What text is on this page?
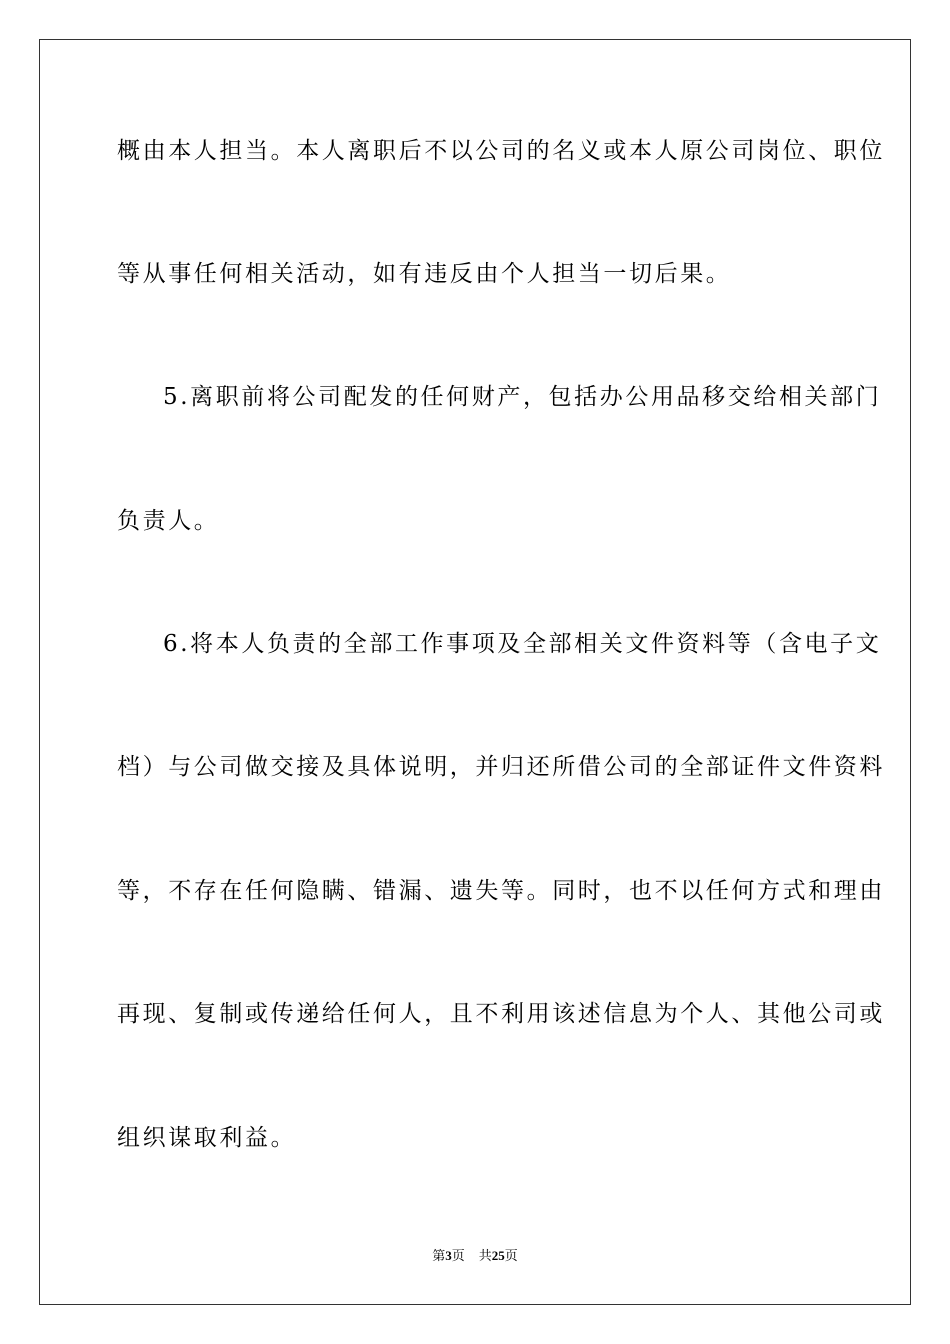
概由本人担当。本人离职后不以公司的名义或本人原公司岗位、职位
等从事任何相关活动，如有违反由个人担当一切后果。
5.离职前将公司配发的任何财产，包括办公用品移交给相关部门
负责人。
6.将本人负责的全部工作事项及全部相关文件资料等（含电子文
档）与公司做交接及具体说明，并归还所借公司的全部证件文件资料
等，不存在任何隐瞒、错漏、遗失等。同时，也不以任何方式和理由
再现、复制或传递给任何人，且不利用该述信息为个人、其他公司或
组织谋取利益。
第3页 共25页
